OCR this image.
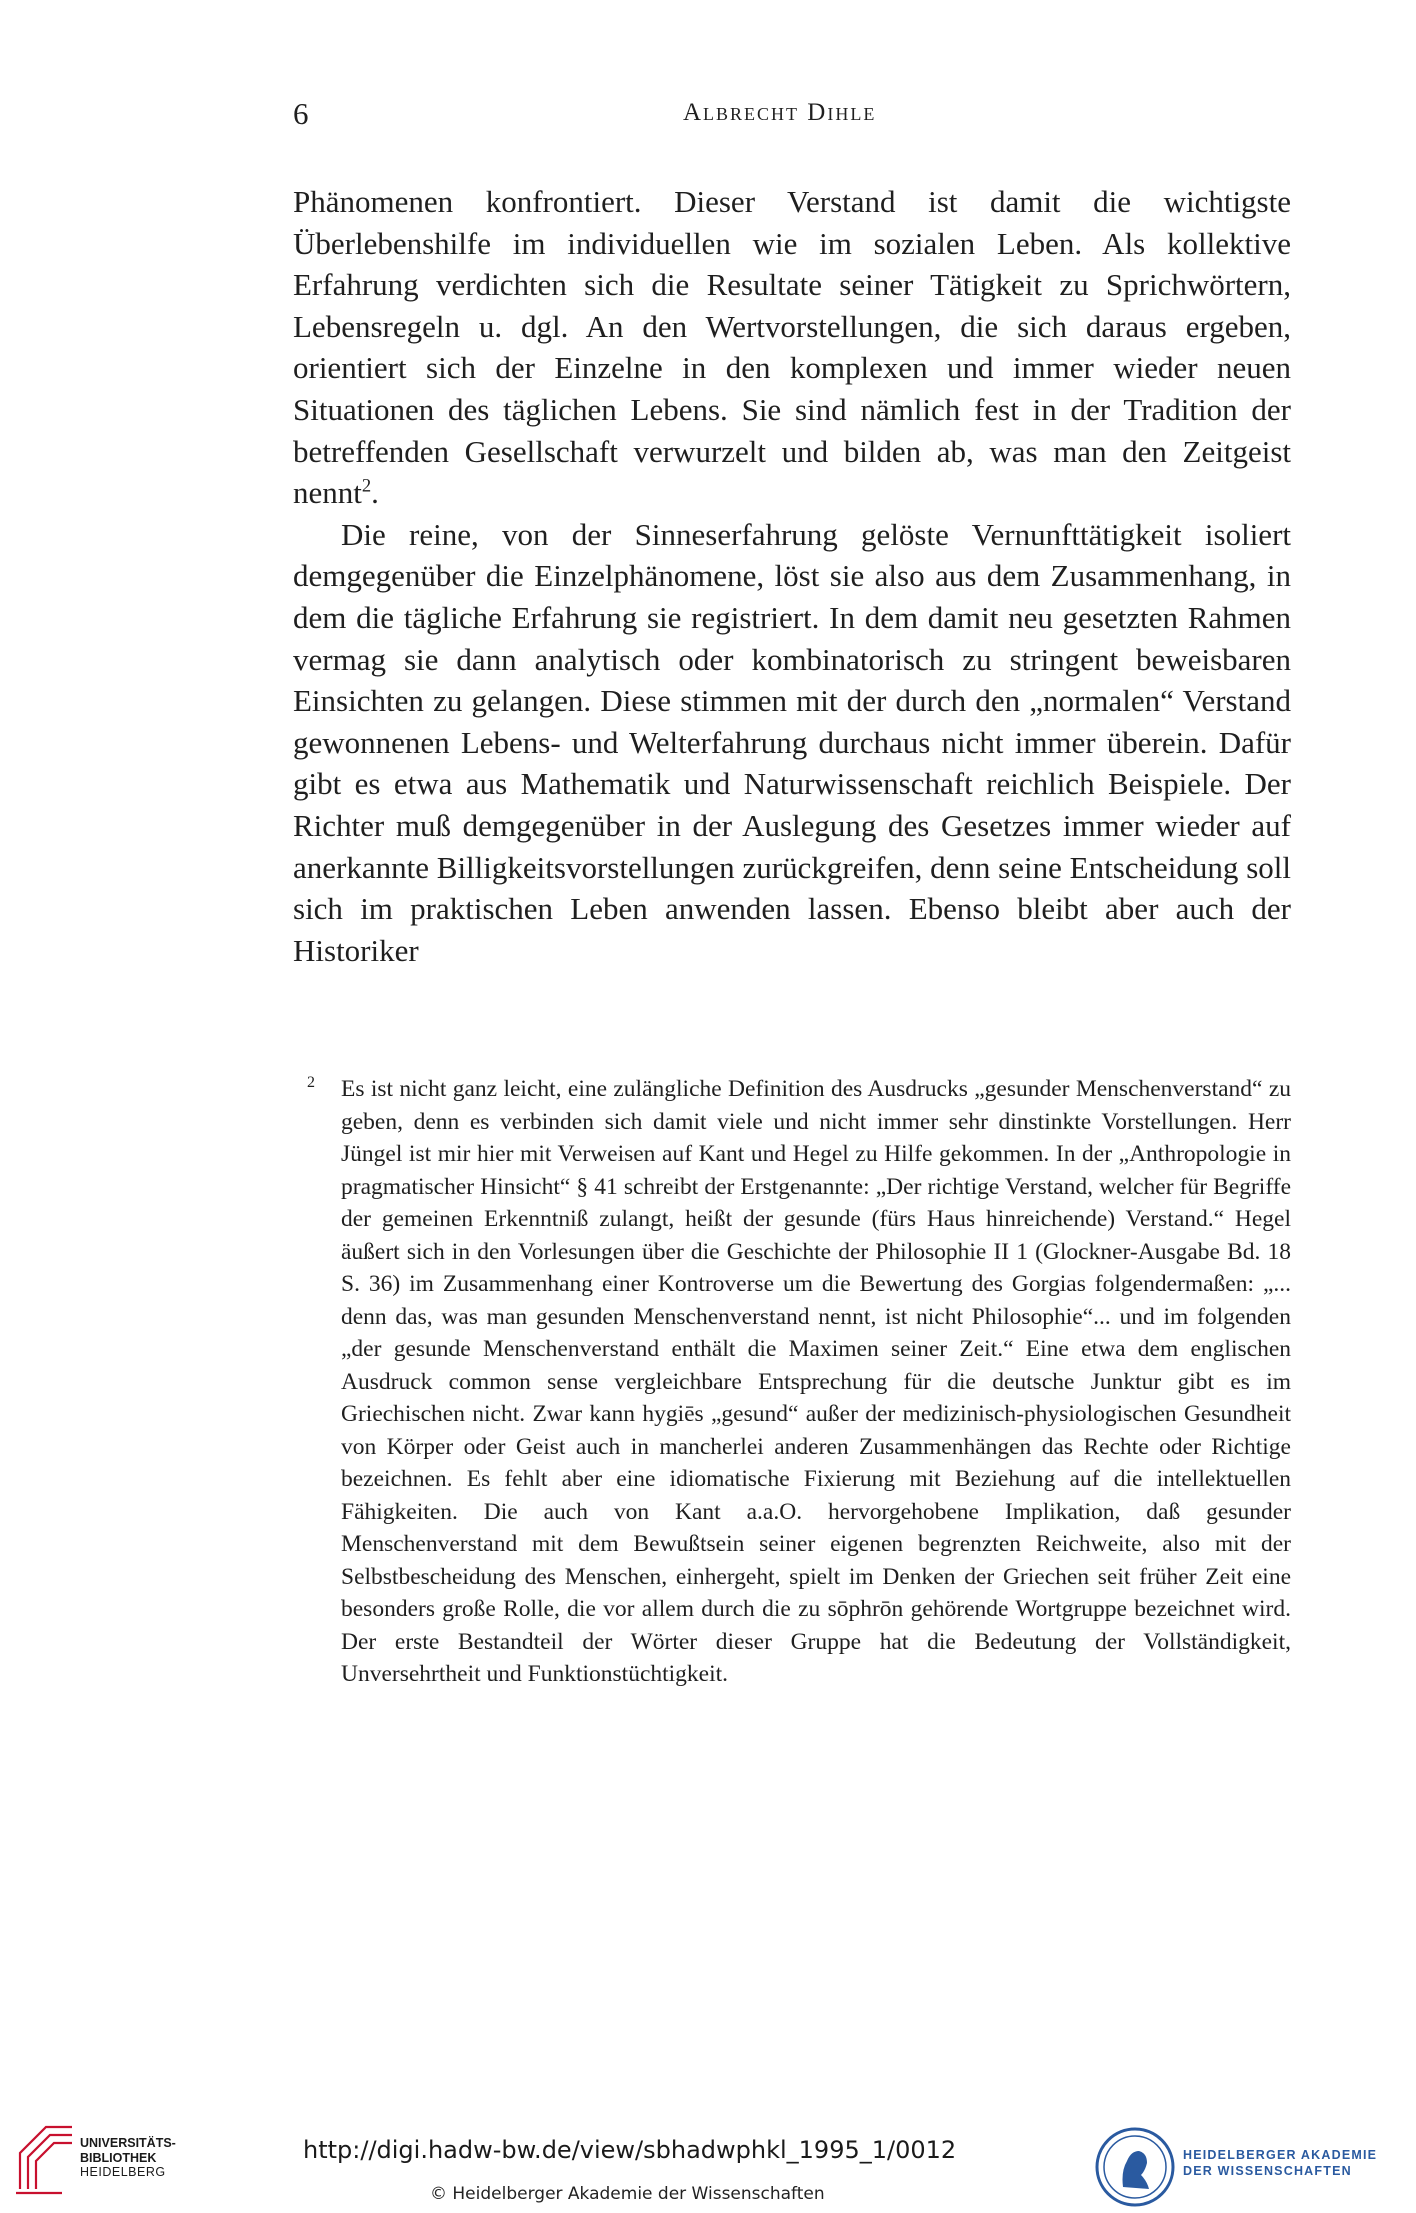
6	Albrecht Dihle

Phänomenen konfrontiert. Dieser Verstand ist damit die wichtigste Überlebenshilfe im individuellen wie im sozialen Leben. Als kollektive Erfahrung verdichten sich die Resultate seiner Tätigkeit zu Sprichwörtern, Lebensregeln u. dgl. An den Wertvorstellungen, die sich daraus ergeben, orientiert sich der Einzelne in den komplexen und immer wieder neuen Situationen des täglichen Lebens. Sie sind nämlich fest in der Tradition der betreffenden Gesellschaft verwurzelt und bilden ab, was man den Zeitgeist nennt$^2$.

Die reine, von der Sinneserfahrung gelöste Vernunfttätigkeit isoliert demgegenüber die Einzelphänomene, löst sie also aus dem Zusammenhang, in dem die tägliche Erfahrung sie registriert. In dem damit neu gesetzten Rahmen vermag sie dann analytisch oder kombinatorisch zu stringent beweisbaren Einsichten zu gelangen. Diese stimmen mit der durch den „normalen“ Verstand gewonnenen Lebens- und Welterfahrung durchaus nicht immer überein. Dafür gibt es etwa aus Mathematik und Naturwissenschaft reichlich Beispiele. Der Richter muß demgegenüber in der Auslegung des Gesetzes immer wieder auf anerkannte Billigkeitsvorstellungen zurückgreifen, denn seine Entscheidung soll sich im praktischen Leben anwenden lassen. Ebenso bleibt aber auch der Historiker

2 Es ist nicht ganz leicht, eine zulängliche Definition des Ausdrucks „gesunder Menschenverstand“ zu geben, denn es verbinden sich damit viele und nicht immer sehr dinstinkte Vorstellungen. Herr Jüngel ist mir hier mit Verweisen auf Kant und Hegel zu Hilfe gekommen. In der „Anthropologie in pragmatischer Hinsicht“ § 41 schreibt der Erstgenannte: „Der richtige Verstand, welcher für Begriffe der gemeinen Erkenntniß zulangt, heißt der gesunde (fürs Haus hinreichende) Verstand.“ Hegel äußert sich in den Vorlesungen über die Geschichte der Philosophie II 1 (Glockner-Ausgabe Bd. 18 S. 36) im Zusammenhang einer Kontroverse um die Bewertung des Gorgias folgendermaßen: „... denn das, was man gesunden Menschenverstand nennt, ist nicht Philosophie“... und im folgenden „der gesunde Menschenverstand enthält die Maximen seiner Zeit.“ Eine etwa dem englischen Ausdruck common sense vergleichbare Entsprechung für die deutsche Junktur gibt es im Griechischen nicht. Zwar kann hygiēs „gesund“ außer der medizinisch-physiologischen Gesundheit von Körper oder Geist auch in mancherlei anderen Zusammenhängen das Rechte oder Richtige bezeichnen. Es fehlt aber eine idiomatische Fixierung mit Beziehung auf die intellektuellen Fähigkeiten. Die auch von Kant a.a.O. hervorgehobene Implikation, daß gesunder Menschenverstand mit dem Bewußtsein seiner eigenen begrenzten Reichweite, also mit der Selbstbescheidung des Menschen, einhergeht, spielt im Denken der Griechen seit früher Zeit eine besonders große Rolle, die vor allem durch die zu sōphrōn gehörende Wortgruppe bezeichnet wird. Der erste Bestandteil der Wörter dieser Gruppe hat die Bedeutung der Vollständigkeit, Unversehrtheit und Funktionstüchtigkeit.

UNIVERSITÄTS-
BIBLIOTHEK
HEIDELBERG
http://digi.hadw-bw.de/view/sbhadwphkl_1995_1/0012
© Heidelberger Akademie der Wissenschaften
HEIDELBERGER AKADEMIE
DER WISSENSCHAFTEN
